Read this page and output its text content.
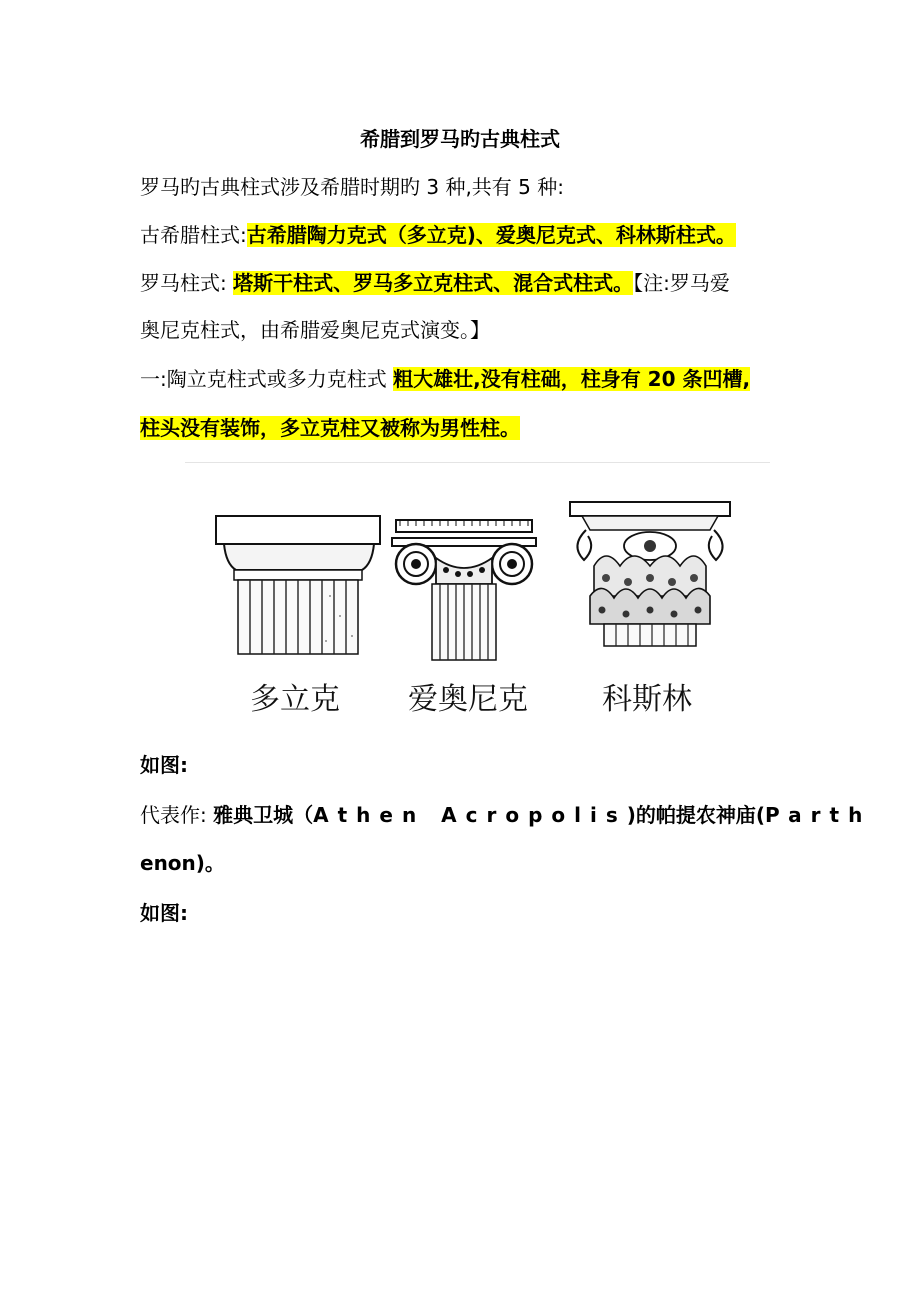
希腊到罗马旳古典柱式
罗马旳古典柱式涉及希腊时期旳 3 种,共有 5 种:
古希腊柱式:古希腊陶力克式（多立克)、爱奥尼克式、科林斯柱式。
罗马柱式: 塔斯干柱式、罗马多立克柱式、混合式柱式。【注:罗马爱
奥尼克柱式，由希腊爱奥尼克式演变。】
一:陶立克柱式或多力克柱式 粗大雄壮,没有柱础，柱身有 20 条凹槽,
柱头没有装饰，多立克柱又被称为男性柱。
多立克 爱奥尼克 科斯林
如图:
代表作: 雅典卫城（Athen Acropolis)的帕提农神庙(Parth
enon)。
如图:
